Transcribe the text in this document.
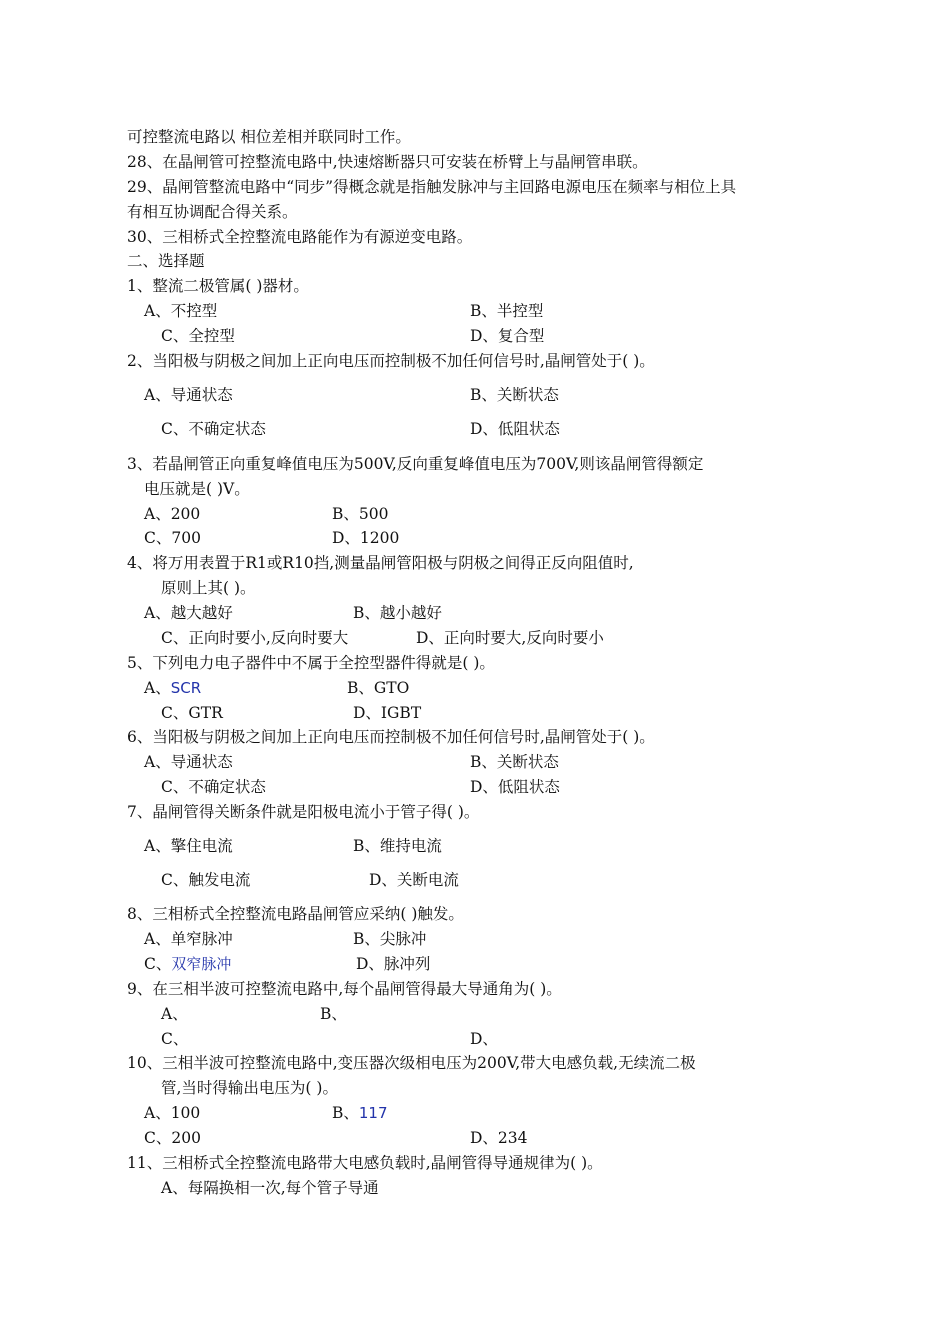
可控整流电路以 相位差相并联同时工作。
28、在晶闸管可控整流电路中,快速熔断器只可安装在桥臂上与晶闸管串联。
29、晶闸管整流电路中“同步”得概念就是指触发脉冲与主回路电源电压在频率与相位上具
有相互协调配合得关系。
30、三相桥式全控整流电路能作为有源逆变电路。
二、选择题
1、整流二极管属( )器材。
A、不控型	B、半控型
C、全控型	D、复合型
2、当阳极与阴极之间加上正向电压而控制极不加任何信号时,晶闸管处于( )。
A、导通状态	B、关断状态
C、不确定状态	D、低阻状态
3、若晶闸管正向重复峰值电压为500V,反向重复峰值电压为700V,则该晶闸管得额定
电压就是( )V。
A、200	B、500
C、700	D、1200
4、将万用表置于R1或R10挡,测量晶闸管阳极与阴极之间得正反向阻值时,
原则上其( )。
A、越大越好	B、越小越好
C、正向时要小,反向时要大	D、正向时要大,反向时要小
5、下列电力电子器件中不属于全控型器件得就是( )。
A、SCR	B、GTO
C、GTR	D、IGBT
6、当阳极与阴极之间加上正向电压而控制极不加任何信号时,晶闸管处于( )。
A、导通状态	B、关断状态
C、不确定状态	D、低阻状态
7、晶闸管得关断条件就是阳极电流小于管子得( )。
A、擎住电流	B、维持电流
C、触发电流	D、关断电流
8、三相桥式全控整流电路晶闸管应采纳( )触发。
A、单窄脉冲	B、尖脉冲
C、双窄脉冲	D、脉冲列
9、在三相半波可控整流电路中,每个晶闸管得最大导通角为( )。
A、	B、
C、	D、
10、三相半波可控整流电路中,变压器次级相电压为200V,带大电感负载,无续流二极
管,当时得输出电压为( )。
A、100	B、117
C、200	D、234
11、三相桥式全控整流电路带大电感负载时,晶闸管得导通规律为( )。
A、每隔换相一次,每个管子导通
